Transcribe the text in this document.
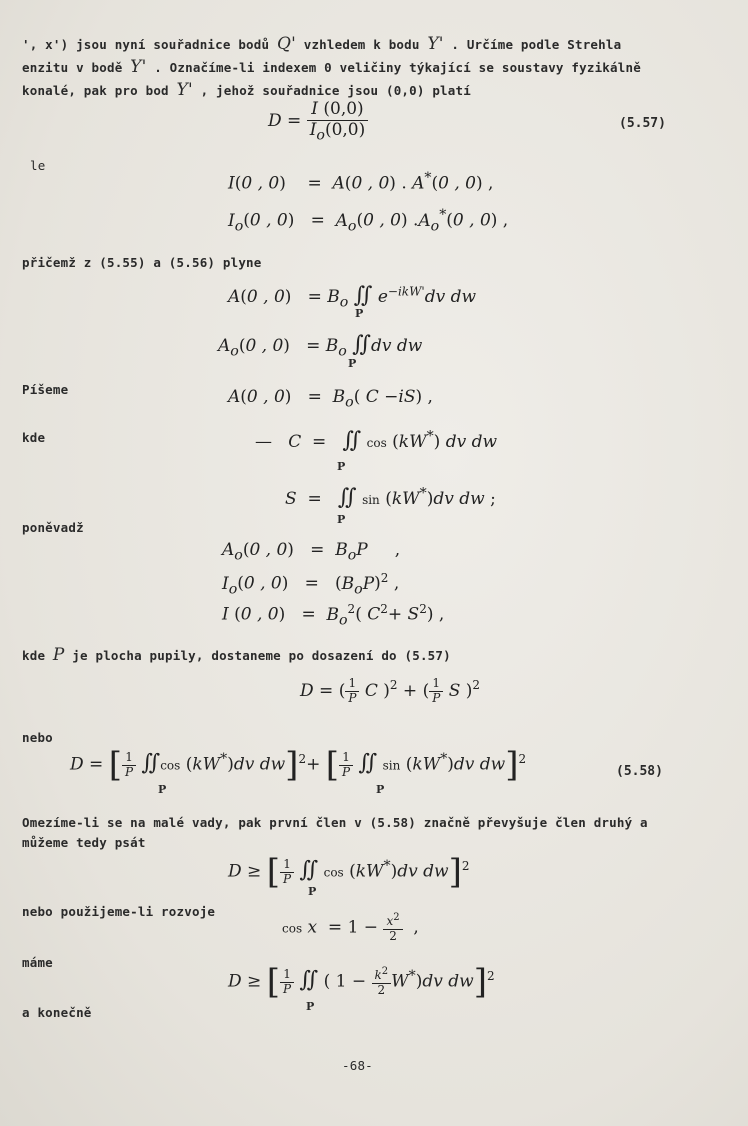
', x') jsou nyní souřadnice bodů Q' vzhledem k bodu Y' . Určíme podle Strehla
enzitu v bodě Y' . Označíme-li indexem 0 veličiny týkající se soustavy fyzikálně
konalé, pak pro bod Y' , jehož souřadnice jsou (0,0) platí
$D = \frac{I (0,0)}{I_o(0,0)}$	(5.57)
le
I(0 , 0)    =  A(0 , 0) . A*(0 , 0) ,
$I_o(0$ , $0) = A_o(0$ , 0) $.A_o^*(0$ , 0) ,
přičemž z (5.55) a (5.56) plyne
A(0 , $0) = B_o$ ∬ $e^{-ikW'}dv$ dw
P
$A_o(0$ , $0) = B_o$ ∬dv dw
P
Píšeme	A(0 , $0) = B_o$( C −iS) ,
kde	—   C  =   ∬ cos (kW*) dv dw
P
S  =   ∬ sin (kW*)dv dw ;
P
poněvadž
$A_o(0$ , $0) = B_oP$     ,
$I_o(0$ , $0) = (B_oP)^2$ ,
I (0 , $0) = B_o^2$( $C^2+ S^2$) ,
kde P je plocha pupily, dostaneme po dosazení do (5.57)
D = ( $\frac{1}{P}$ C )$^2$ + ( $\frac{1}{P}$ S )$^2$
nebo
D = [ $\frac{1}{P}$ ∬cos (kW*)dv dw]$^2$+ [ $\frac{1}{P}$ ∬ sin (kW*)dv dw]$^2$
P	P
(5.58)
Omezíme-li se na malé vady, pak první člen v (5.58) značně převyšuje člen druhý a
můžeme tedy psát
D ≥ [ $\frac{1}{P}$ ∬ cos (kW*)dv dw]$^2$
P
nebo použijeme-li rozvoje
$\cos x = 1 - \frac{x^2}{2}$ ,
máme
D ≥ [ $\frac{1}{P}$ ∬ ( $1 - \frac{k^2}{2} W^*)dv$ dw]$^2$
P
a konečně
-68-
